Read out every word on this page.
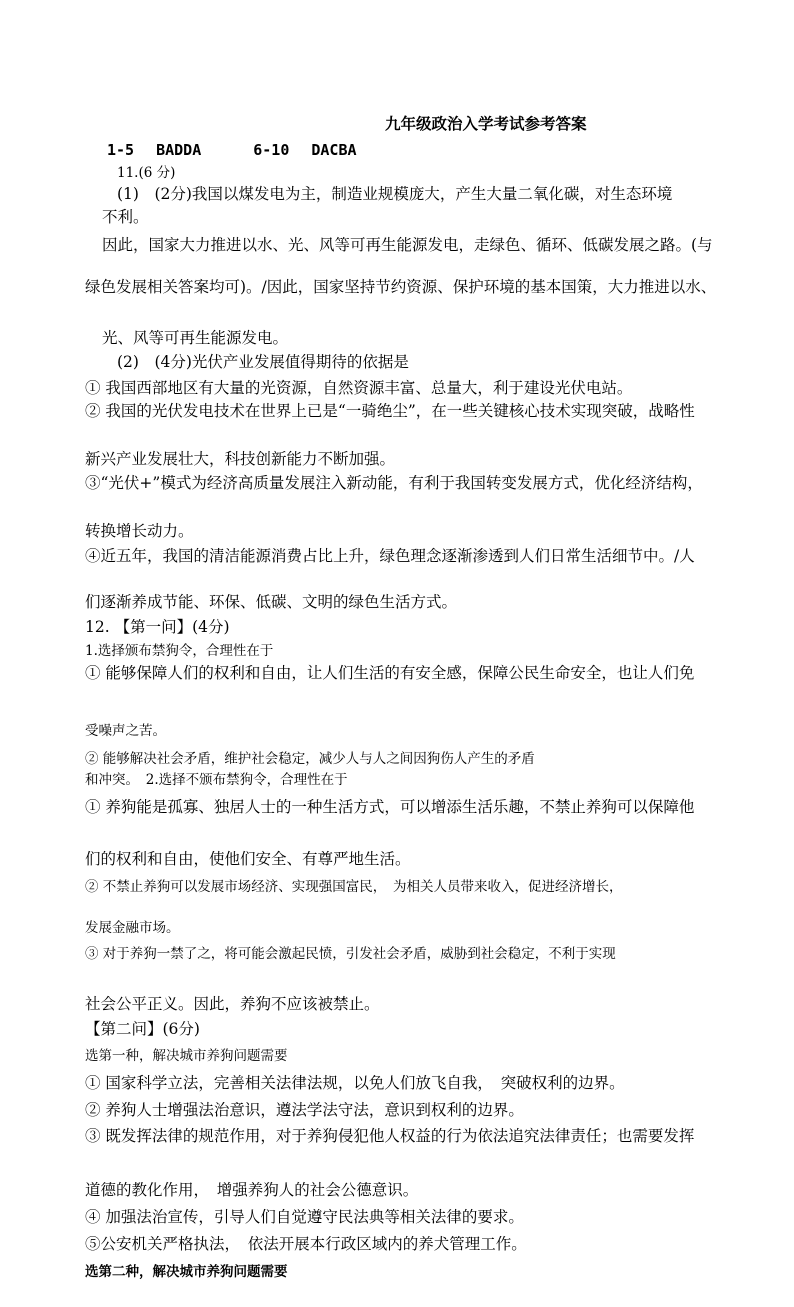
九年级政治入学考试参考答案
1-5 BADDA	6-10 DACBA
11.(6 分)
(1)　(2分)我国以煤发电为主，制造业规模庞大，产生大量二氧化碳，对生态环境
不利。
因此，国家大力推进以水、光、风等可再生能源发电，走绿色、循环、低碳发展之路。(与
绿色发展相关答案均可)。/因此，国家坚持节约资源、保护环境的基本国策，大力推进以水、
光、风等可再生能源发电。
(2)　(4分)光伏产业发展值得期待的依据是
① 我国西部地区有大量的光资源，自然资源丰富、总量大，利于建设光伏电站。
② 我国的光伏发电技术在世界上已是“一骑绝尘”，在一些关键核心技术实现突破，战略性
新兴产业发展壮大，科技创新能力不断加强。
③“光伏+”模式为经济高质量发展注入新动能，有利于我国转变发展方式，优化经济结构，
转换增长动力。
④近五年，我国的清洁能源消费占比上升，绿色理念逐渐渗透到人们日常生活细节中。/人
们逐渐养成节能、环保、低碳、文明的绿色生活方式。
12. 【第一问】(4分)
1.选择颁布禁狗令，合理性在于
① 能够保障人们的权利和自由，让人们生活的有安全感，保障公民生命安全，也让人们免
受噪声之苦。
② 能够解决社会矛盾，维护社会稳定，减少人与人之间因狗伤人产生的矛盾
和冲突。　2.选择不颁布禁狗令，合理性在于
① 养狗能是孤寡、独居人士的一种生活方式，可以增添生活乐趣，不禁止养狗可以保障他
们的权利和自由，使他们安全、有尊严地生活。
② 不禁止养狗可以发展市场经济、实现强国富民，　为相关人员带来收入，促进经济增长，
发展金融市场。
③ 对于养狗一禁了之，将可能会激起民愤，引发社会矛盾，威胁到社会稳定，不利于实现
社会公平正义。因此，养狗不应该被禁止。
【第二问】(6分)
选第一种，解决城市养狗问题需要
① 国家科学立法，完善相关法律法规，以免人们放飞自我，　突破权利的边界。
② 养狗人士增强法治意识，遵法学法守法，意识到权利的边界。
③ 既发挥法律的规范作用，对于养狗侵犯他人权益的行为依法追究法律责任；也需要发挥
道德的教化作用，　增强养狗人的社会公德意识。
④ 加强法治宣传，引导人们自觉遵守民法典等相关法律的要求。
⑤公安机关严格执法，　依法开展本行政区域内的养犬管理工作。
选第二种，解决城市养狗问题需要
